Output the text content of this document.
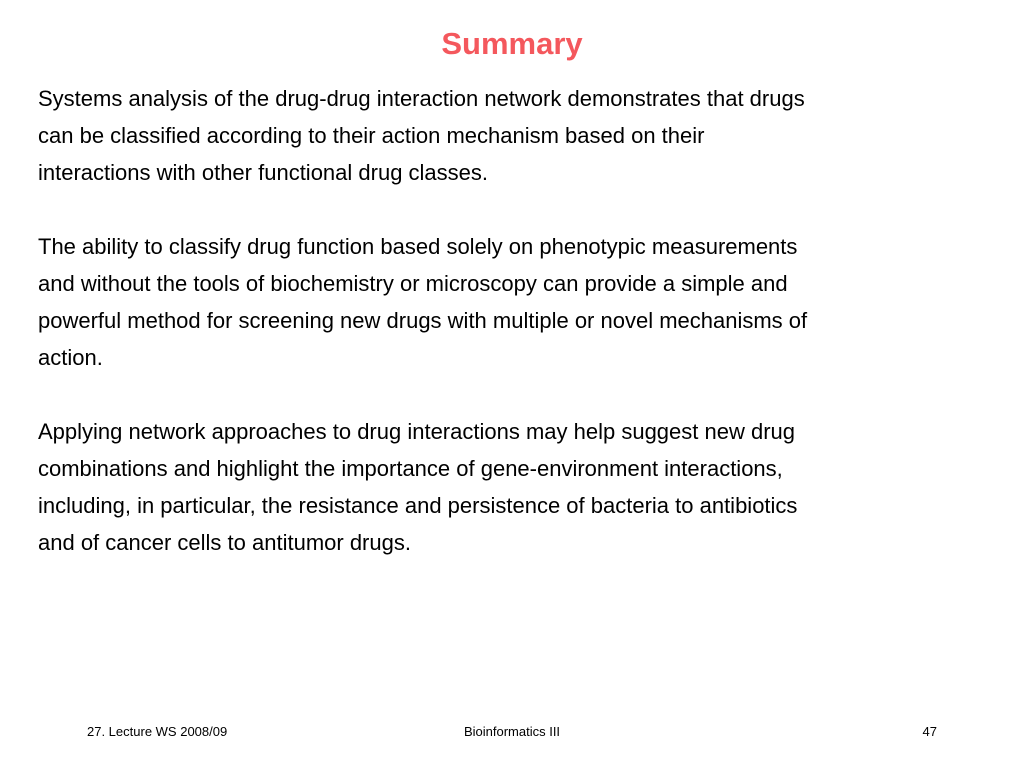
Summary

Systems analysis of the drug-drug interaction network demonstrates that drugs
can be classified according to their action mechanism based on their
interactions with other functional drug classes.

The ability to classify drug function based solely on phenotypic measurements
and without the tools of biochemistry or microscopy can provide a simple and
powerful method for screening new drugs with multiple or novel mechanisms of
action.

Applying network approaches to drug interactions may help suggest new drug
combinations and highlight the importance of gene-environment interactions,
including, in particular, the resistance and persistence of bacteria to antibiotics
and of cancer cells to antitumor drugs.

Bioinformatics III
27. Lecture WS 2008/09	47
